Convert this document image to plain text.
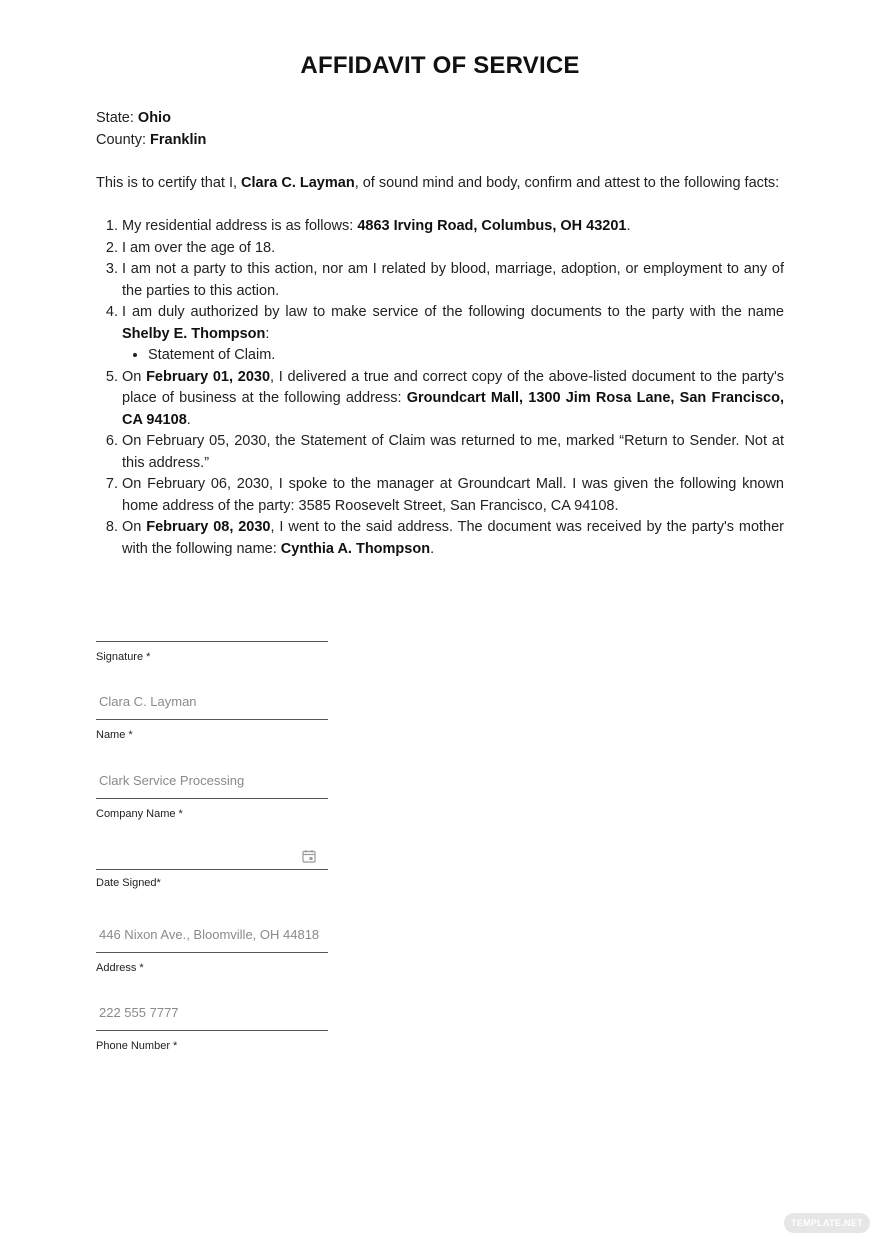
AFFIDAVIT OF SERVICE
State: Ohio
County: Franklin
This is to certify that I, Clara C. Layman, of sound mind and body, confirm and attest to the following facts:
1. My residential address is as follows: 4863 Irving Road, Columbus, OH 43201.
2. I am over the age of 18.
3. I am not a party to this action, nor am I related by blood, marriage, adoption, or employment to any of the parties to this action.
4. I am duly authorized by law to make service of the following documents to the party with the name Shelby E. Thompson:
• Statement of Claim.
5. On February 01, 2030, I delivered a true and correct copy of the above-listed document to the party's place of business at the following address: Groundcart Mall, 1300 Jim Rosa Lane, San Francisco, CA 94108.
6. On February 05, 2030, the Statement of Claim was returned to me, marked “Return to Sender. Not at this address.”
7. On February 06, 2030, I spoke to the manager at Groundcart Mall. I was given the following known home address of the party: 3585 Roosevelt Street, San Francisco, CA 94108.
8. On February 08, 2030, I went to the said address. The document was received by the party's mother with the following name: Cynthia A. Thompson.
Signature *
Clara C. Layman
Name *
Clark Service Processing
Company Name *
Date Signed*
446 Nixon Ave., Bloomville, OH 44818
Address *
222 555 7777
Phone Number *
TEMPLATE.NET
